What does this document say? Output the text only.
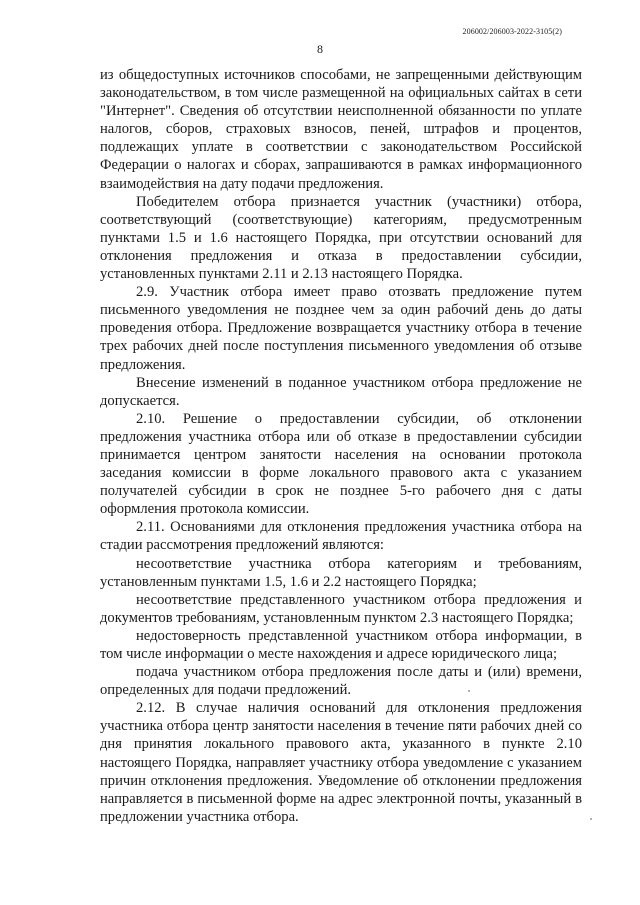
206002/206003-2022-3105(2)
8

из общедоступных источников способами, не запрещенными действующим законодательством, в том числе размещенной на официальных сайтах в сети "Интернет". Сведения об отсутствии неисполненной обязанности по уплате налогов, сборов, страховых взносов, пеней, штрафов и процентов, подлежащих уплате в соответствии с законодательством Российской Федерации о налогах и сборах, запрашиваются в рамках информационного взаимодействия на дату подачи предложения.

Победителем отбора признается участник (участники) отбора, соответствующий (соответствующие) категориям, предусмотренным пунктами 1.5 и 1.6 настоящего Порядка, при отсутствии оснований для отклонения предложения и отказа в предоставлении субсидии, установленных пунктами 2.11 и 2.13 настоящего Порядка.

2.9. Участник отбора имеет право отозвать предложение путем письменного уведомления не позднее чем за один рабочий день до даты проведения отбора. Предложение возвращается участнику отбора в течение трех рабочих дней после поступления письменного уведомления об отзыве предложения.

Внесение изменений в поданное участником отбора предложение не допускается.

2.10. Решение о предоставлении субсидии, об отклонении предложения участника отбора или об отказе в предоставлении субсидии принимается центром занятости населения на основании протокола заседания комиссии в форме локального правового акта с указанием получателей субсидии в срок не позднее 5-го рабочего дня с даты оформления протокола комиссии.

2.11. Основаниями для отклонения предложения участника отбора на стадии рассмотрения предложений являются:

несоответствие участника отбора категориям и требованиям, установленным пунктами 1.5, 1.6 и 2.2 настоящего Порядка;

несоответствие представленного участником отбора предложения и документов требованиям, установленным пунктом 2.3 настоящего Порядка;

недостоверность представленной участником отбора информации, в том числе информации о месте нахождения и адресе юридического лица;

подача участником отбора предложения после даты и (или) времени, определенных для подачи предложений.

2.12. В случае наличия оснований для отклонения предложения участника отбора центр занятости населения в течение пяти рабочих дней со дня принятия локального правового акта, указанного в пункте 2.10 настоящего Порядка, направляет участнику отбора уведомление с указанием причин отклонения предложения. Уведомление об отклонении предложения направляется в письменной форме на адрес электронной почты, указанный в предложении участника отбора.
